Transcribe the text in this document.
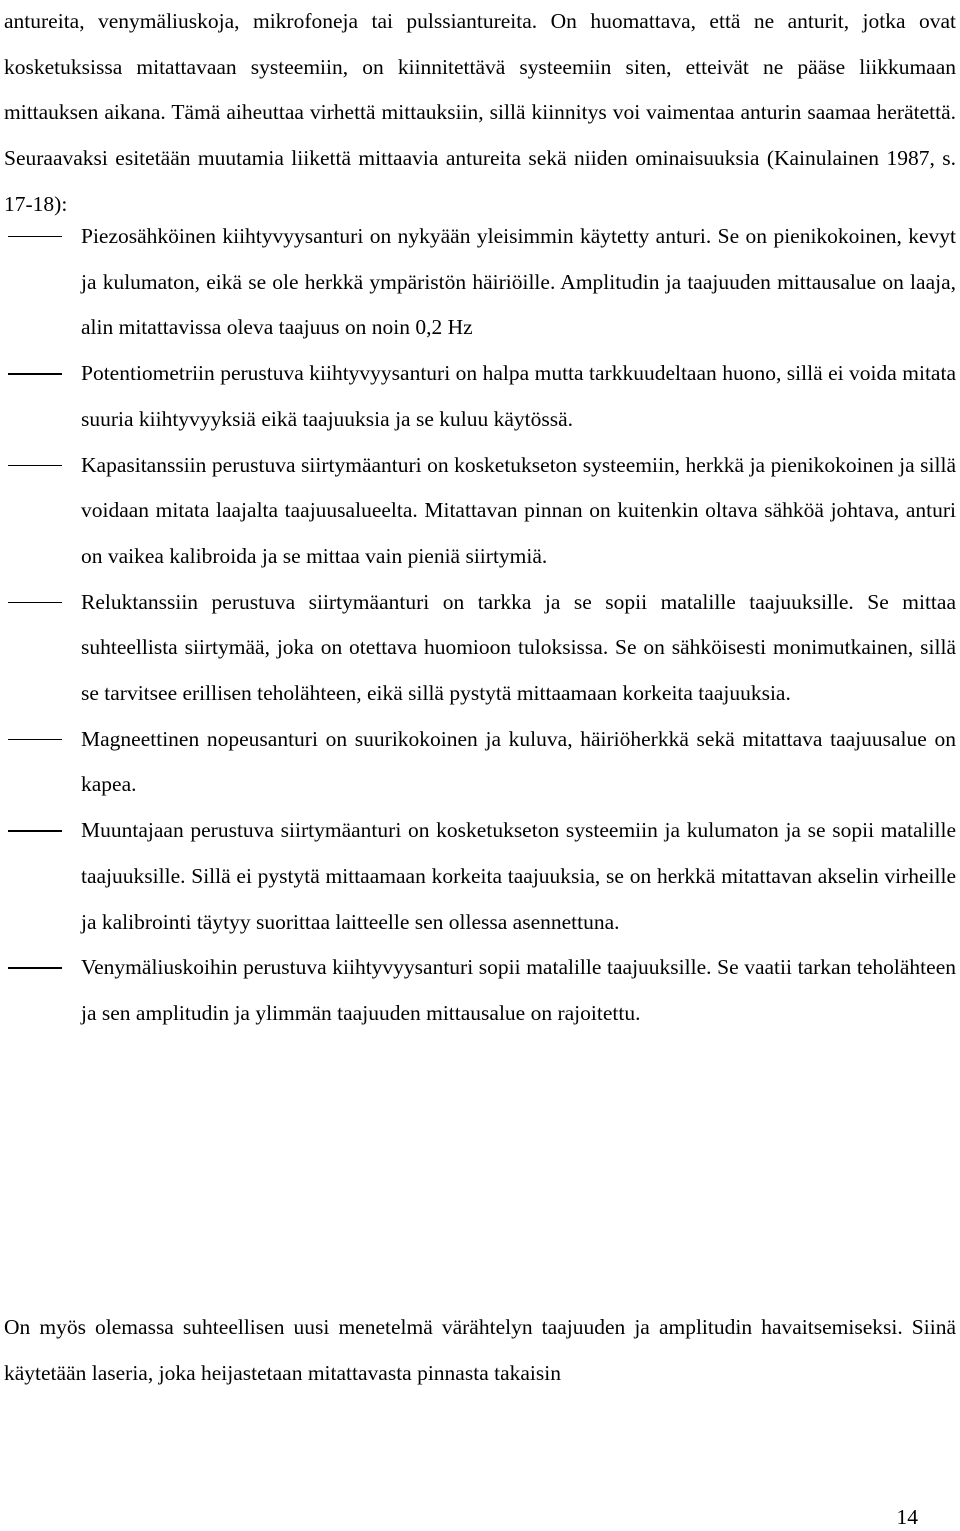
antureita, venymäliuskoja, mikrofoneja tai pulssiantureita. On huomattava, että ne anturit, jotka ovat kosketuksissa mitattavaan systeemiin, on kiinnitettävä systeemiin siten, etteivät ne pääse liikkumaan mittauksen aikana. Tämä aiheuttaa virhettä mittauksiin, sillä kiinnitys voi vaimentaa anturin saamaa herätettä. Seuraavaksi esitetään muutamia liikettä mittaavia antureita sekä niiden ominaisuuksia (Kainulainen 1987, s. 17-18):

Piezosähköinen kiihtyvyysanturi on nykyään yleisimmin käytetty anturi. Se on pienikokoinen, kevyt ja kulumaton, eikä se ole herkkä ympäristön häiriöille. Amplitudin ja taajuuden mittausalue on laaja, alin mitattavissa oleva taajuus on noin 0,2 Hz
Potentiometriin perustuva kiihtyvyysanturi on halpa mutta tarkkuudeltaan huono, sillä ei voida mitata suuria kiihtyvyyksiä eikä taajuuksia ja se kuluu käytössä.
Kapasitanssiin perustuva siirtymäanturi on kosketukseton systeemiin, herkkä ja pienikokoinen ja sillä voidaan mitata laajalta taajuusalueelta. Mitattavan pinnan on kuitenkin oltava sähköä johtava, anturi on vaikea kalibroida ja se mittaa vain pieniä siirtymiä.
Reluktanssiin perustuva siirtymäanturi on tarkka ja se sopii matalille taajuuksille. Se mittaa suhteellista siirtymää, joka on otettava huomioon tuloksissa. Se on sähköisesti monimutkainen, sillä se tarvitsee erillisen teholähteen, eikä sillä pystytä mittaamaan korkeita taajuuksia.
Magneettinen nopeusanturi on suurikokoinen ja kuluva, häiriöherkkä sekä mitattava taajuusalue on kapea.
Muuntajaan perustuva siirtymäanturi on kosketukseton systeemiin ja kulumaton ja se sopii matalille taajuuksille. Sillä ei pystytä mittaamaan korkeita taajuuksia, se on herkkä mitattavan akselin virheille ja kalibrointi täytyy suorittaa laitteelle sen ollessa asennettuna.
Venymäliuskoihin perustuva kiihtyvyysanturi sopii matalille taajuuksille. Se vaatii tarkan teholähteen ja sen amplitudin ja ylimmän taajuuden mittausalue on rajoitettu.

On myös olemassa suhteellisen uusi menetelmä värähtelyn taajuuden ja amplitudin havaitsemiseksi. Siinä käytetään laseria, joka heijastetaan mitattavasta pinnasta takaisin

14
